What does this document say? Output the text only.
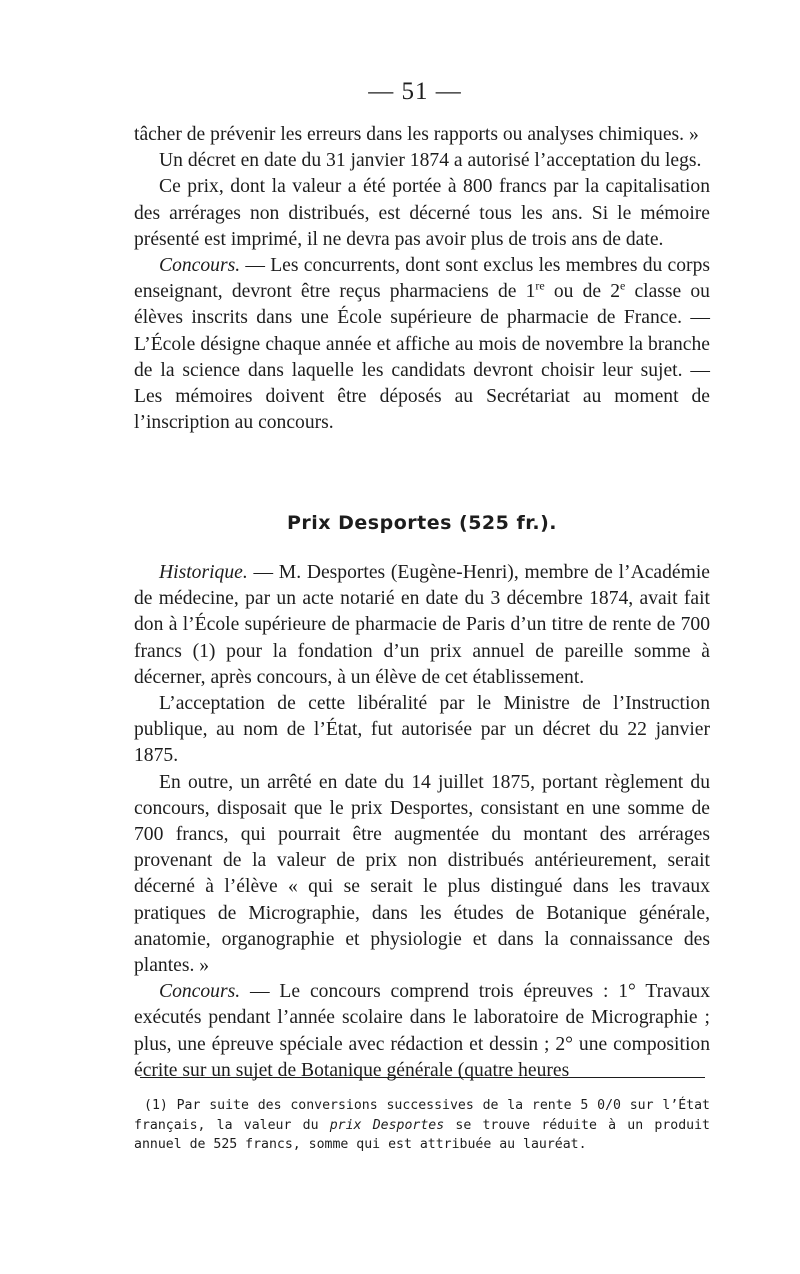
— 51 —

tâcher de prévenir les erreurs dans les rapports ou analyses chimiques. »

Un décret en date du 31 janvier 1874 a autorisé l’acceptation du legs.

Ce prix, dont la valeur a été portée à 800 francs par la capitalisation des arrérages non distribués, est décerné tous les ans. Si le mémoire présenté est imprimé, il ne devra pas avoir plus de trois ans de date.

Concours. — Les concurrents, dont sont exclus les membres du corps enseignant, devront être reçus pharmaciens de 1re ou de 2e classe ou élèves inscrits dans une École supérieure de pharmacie de France. — L’École désigne chaque année et affiche au mois de novembre la branche de la science dans laquelle les candidats devront choisir leur sujet. — Les mémoires doivent être déposés au Secrétariat au moment de l’inscription au concours.

Prix Desportes (525 fr.).

Historique. — M. Desportes (Eugène-Henri), membre de l’Académie de médecine, par un acte notarié en date du 3 décembre 1874, avait fait don à l’École supérieure de pharmacie de Paris d’un titre de rente de 700 francs (1) pour la fondation d’un prix annuel de pareille somme à décerner, après concours, à un élève de cet établissement.

L’acceptation de cette libéralité par le Ministre de l’Instruction publique, au nom de l’État, fut autorisée par un décret du 22 janvier 1875.

En outre, un arrêté en date du 14 juillet 1875, portant règlement du concours, disposait que le prix Desportes, consistant en une somme de 700 francs, qui pourrait être augmentée du montant des arrérages provenant de la valeur de prix non distribués antérieurement, serait décerné à l’élève « qui se serait le plus distingué dans les travaux pratiques de Micrographie, dans les études de Botanique générale, anatomie, organographie et physiologie et dans la connaissance des plantes. »

Concours. — Le concours comprend trois épreuves : 1° Travaux exécutés pendant l’année scolaire dans le laboratoire de Micrographie ; plus, une épreuve spéciale avec rédaction et dessin ; 2° une composition écrite sur un sujet de Botanique générale (quatre heures

(1) Par suite des conversions successives de la rente 5 0/0 sur l’État français, la valeur du prix Desportes se trouve réduite à un produit annuel de 525 francs, somme qui est attribuée au lauréat.
